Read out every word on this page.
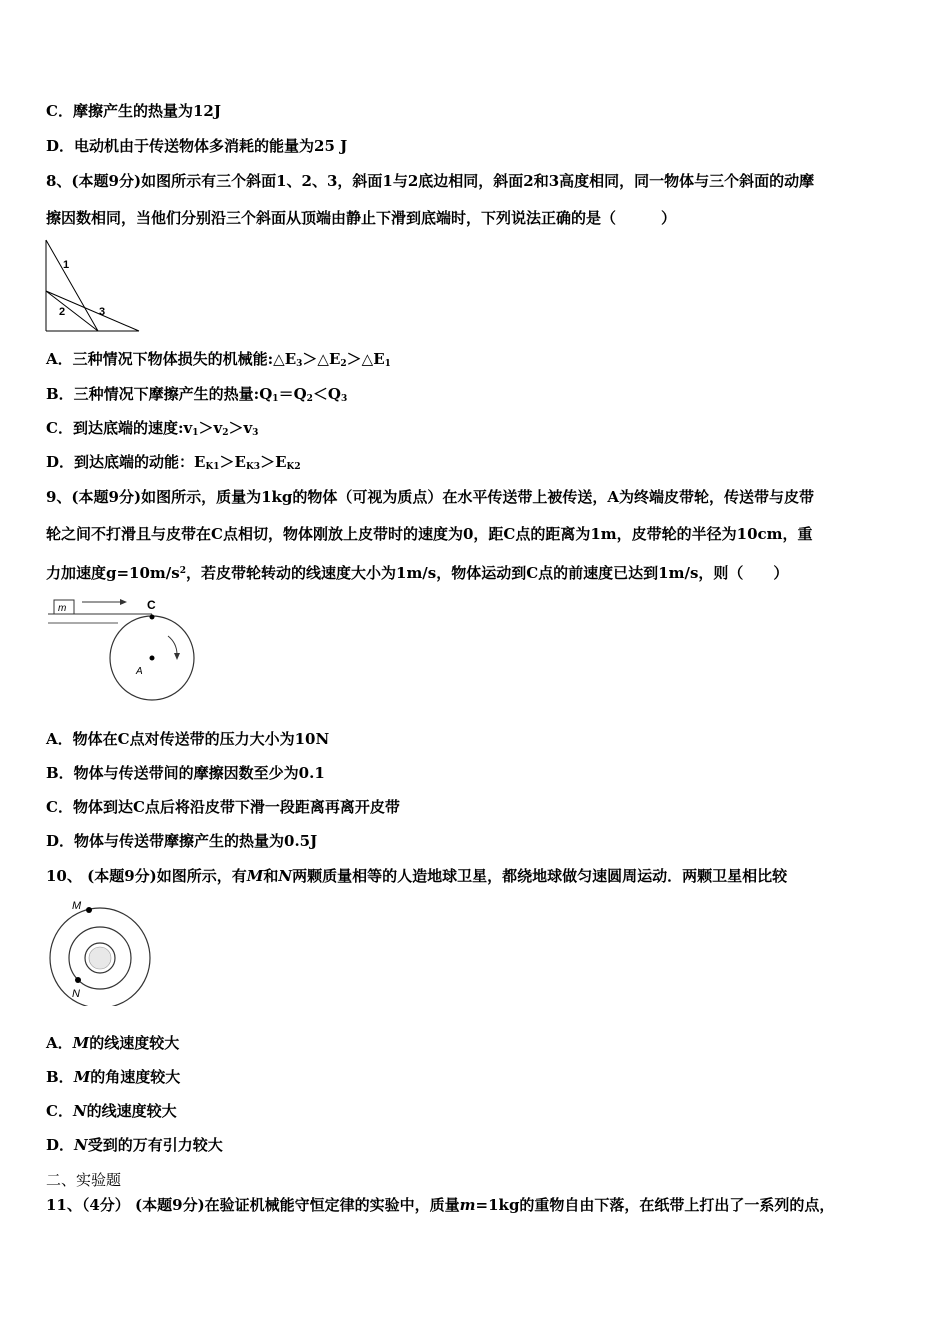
C．摩擦产生的热量为12J
D．电动机由于传送物体多消耗的能量为25 J
8、(本题9分)如图所示有三个斜面1、2、3，斜面1与2底边相同，斜面2和3高度相同，同一物体与三个斜面的动摩
擦因数相同，当他们分别沿三个斜面从顶端由静止下滑到底端时，下列说法正确的是（　　　）
1
2	3
A．三种情况下物体损失的机械能$:\triangle E_3>\triangle E_2>\triangle E_1$
B．三种情况下摩擦产生的热量$:Q_1=Q_2<Q_3$
C．到达底端的速度$:v_1>v_2>v_3$
D．到达底端的动能：$E_{K1}>E_{K3}>E_{K2}$
9、(本题9分)如图所示，质量为1kg的物体（可视为质点）在水平传送带上被传送，A为终端皮带轮，传送带与皮带
轮之间不打滑且与皮带在C点相切，物体刚放上皮带时的速度为0，距C点的距离为1m，皮带轮的半径为10cm，重
力加速度$g=10m/s^2$，若皮带轮转动的线速度大小为1m/s，物体运动到C点的前速度已达到1m/s，则（　　）
m	C
A
A．物体在C点对传送带的压力大小为10N
B．物体与传送带间的摩擦因数至少为0.1
C．物体到达C点后将沿皮带下滑一段距离再离开皮带
D．物体与传送带摩擦产生的热量为0.5J
10、 (本题9分)如图所示，有M和N两颗质量相等的人造地球卫星，都绕地球做匀速圆周运动．两颗卫星相比较
M
N
A．M的线速度较大
B．M的角速度较大
C．N的线速度较大
D．N受到的万有引力较大
二、实验题
11、（4分） (本题9分)在验证机械能守恒定律的实验中，质量m=1kg的重物自由下落，在纸带上打出了一系列的点，
